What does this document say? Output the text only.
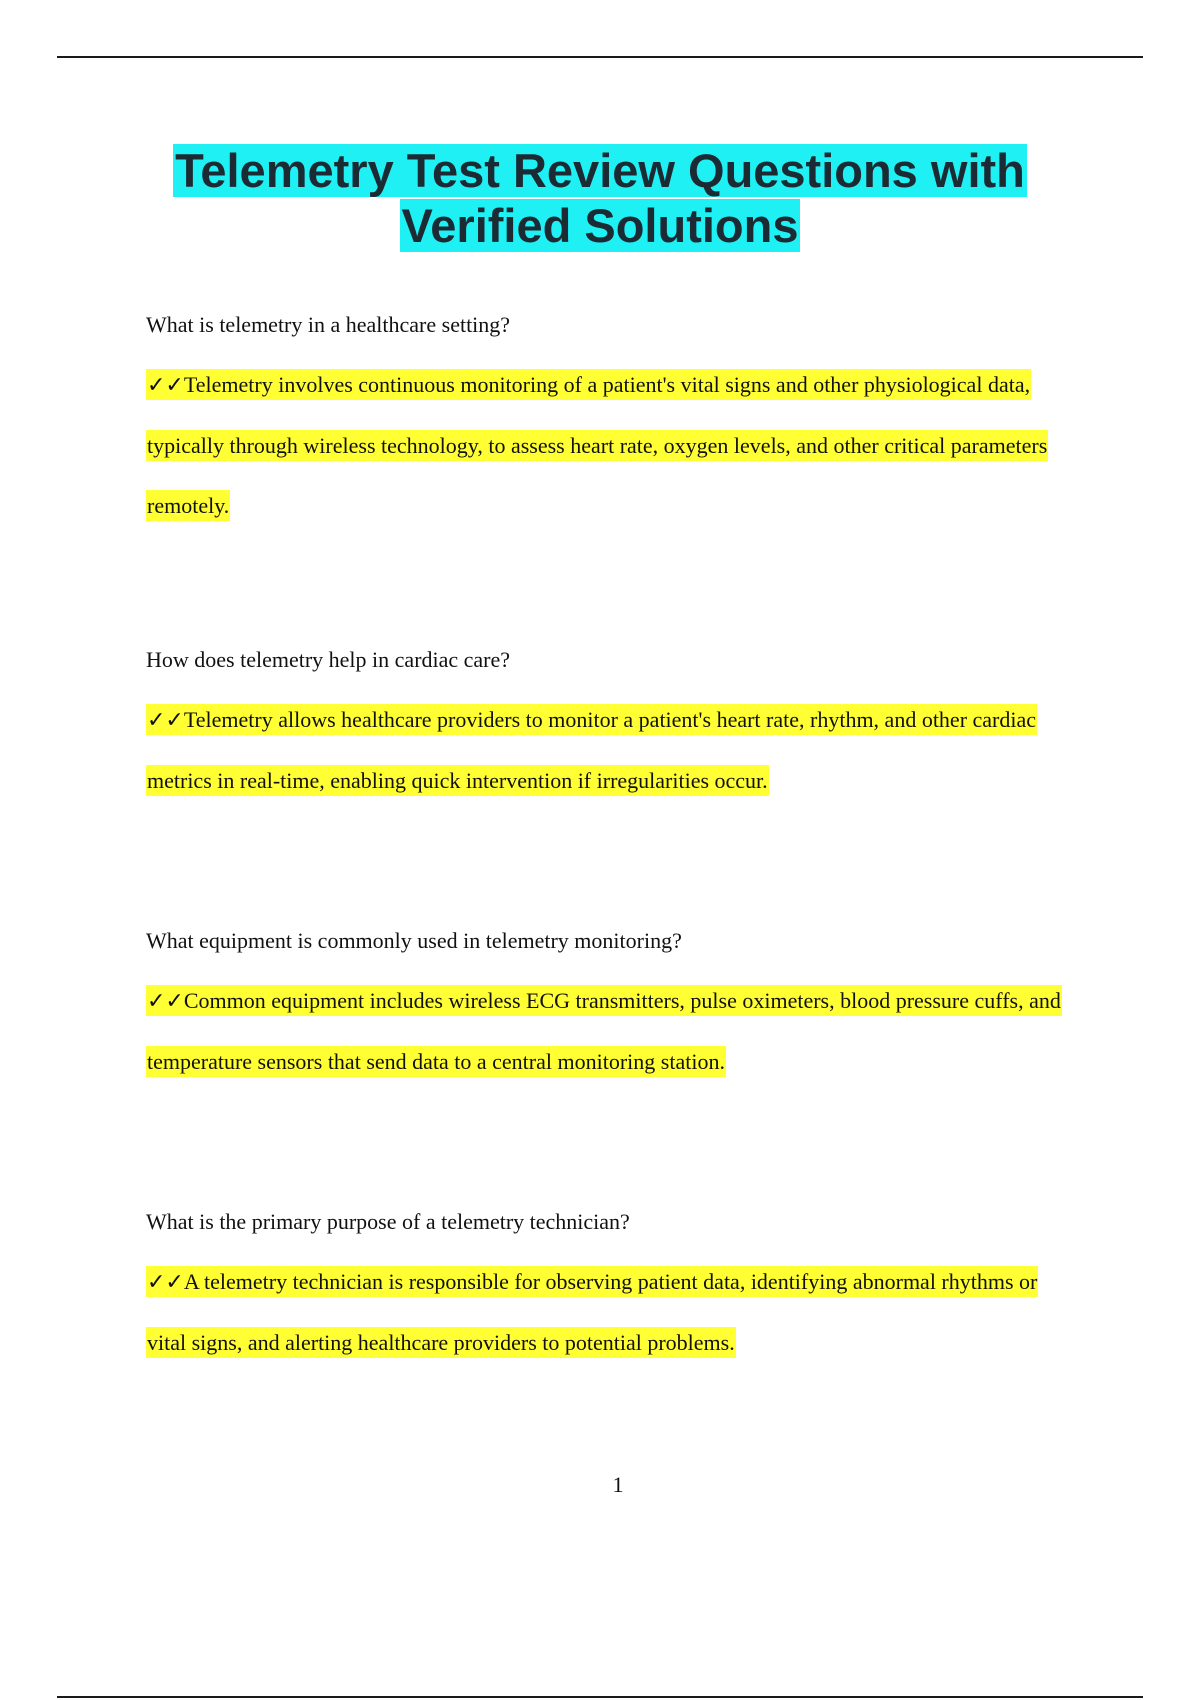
Telemetry Test Review Questions with Verified Solutions

What is telemetry in a healthcare setting?

✓✓Telemetry involves continuous monitoring of a patient's vital signs and other physiological data, typically through wireless technology, to assess heart rate, oxygen levels, and other critical parameters remotely.

How does telemetry help in cardiac care?

✓✓Telemetry allows healthcare providers to monitor a patient's heart rate, rhythm, and other cardiac metrics in real-time, enabling quick intervention if irregularities occur.

What equipment is commonly used in telemetry monitoring?

✓✓Common equipment includes wireless ECG transmitters, pulse oximeters, blood pressure cuffs, and temperature sensors that send data to a central monitoring station.

What is the primary purpose of a telemetry technician?

✓✓A telemetry technician is responsible for observing patient data, identifying abnormal rhythms or vital signs, and alerting healthcare providers to potential problems.

1
